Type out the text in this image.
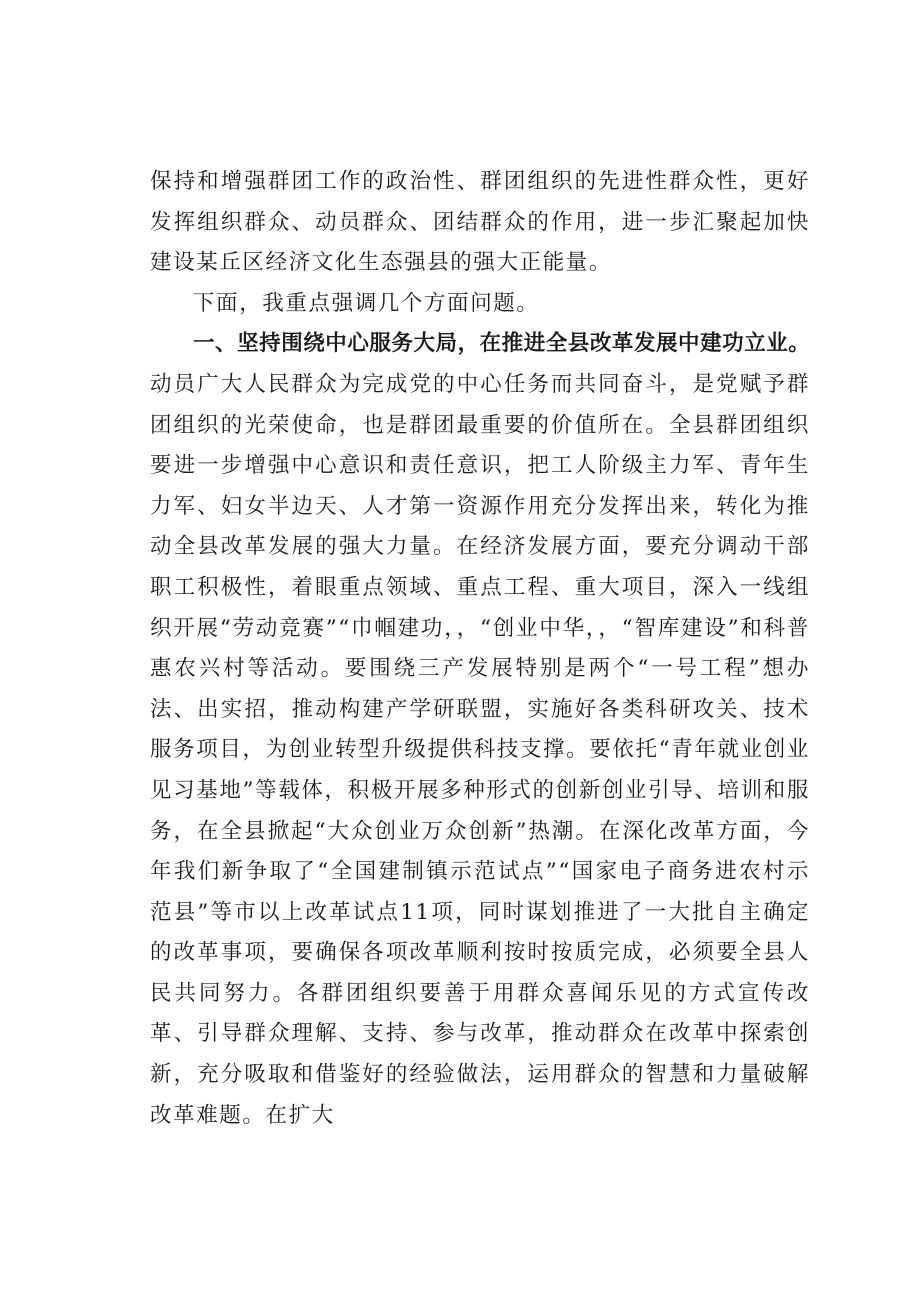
保持和增强群团工作的政治性、群团组织的先进性群众性，更好发挥组织群众、动员群众、团结群众的作用，进一步汇聚起加快建设某丘区经济文化生态强县的强大正能量。

下面，我重点强调几个方面问题。

一、坚持围绕中心服务大局，在推进全县改革发展中建功立业。动员广大人民群众为完成党的中心任务而共同奋斗，是党赋予群团组织的光荣使命，也是群团最重要的价值所在。全县群团组织要进一步增强中心意识和责任意识，把工人阶级主力军、青年生力军、妇女半边天、人才第一资源作用充分发挥出来，转化为推动全县改革发展的强大力量。在经济发展方面，要充分调动干部职工积极性，着眼重点领域、重点工程、重大项目，深入一线组织开展“劳动竞赛”“巾帼建功，，“创业中华，，“智库建设”和科普惠农兴村等活动。要围绕三产发展特别是两个“一号工程”想办法、出实招，推动构建产学研联盟，实施好各类科研攻关、技术服务项目，为创业转型升级提供科技支撑。要依托“青年就业创业见习基地”等载体，积极开展多种形式的创新创业引导、培训和服务，在全县掀起“大众创业万众创新”热潮。在深化改革方面，今年我们新争取了“全国建制镇示范试点”“国家电子商务进农村示范县”等市以上改革试点11项，同时谋划推进了一大批自主确定的改革事项，要确保各项改革顺利按时按质完成，必须要全县人民共同努力。各群团组织要善于用群众喜闻乐见的方式宣传改革、引导群众理解、支持、参与改革，推动群众在改革中探索创新，充分吸取和借鉴好的经验做法，运用群众的智慧和力量破解改革难题。在扩大
